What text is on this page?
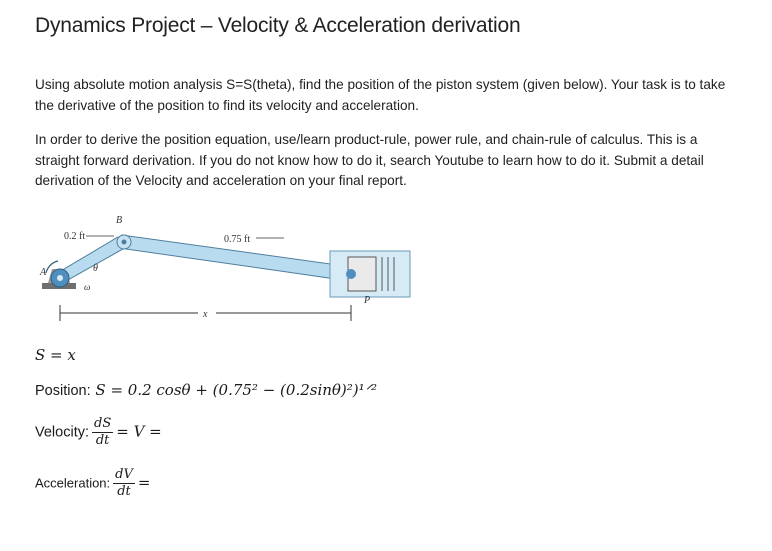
Dynamics Project – Velocity & Acceleration derivation
Using absolute motion analysis S=S(theta), find the position of the piston system (given below). Your task is to take the derivative of the position to find its velocity and acceleration.
In order to derive the position equation, use/learn product-rule, power rule, and chain-rule of calculus. This is a straight forward derivation. If you do not know how to do it, search Youtube to learn how to do it. Submit a detail derivation of the Velocity and acceleration on your final report.
0.2 ft	0.75 ft
B
A	θ
ω
x
P
S = x
Position: S = 0.2 cosθ + (0.75² − (0.2sinθ)²)¹ᐟ²
Velocity: $\frac{dS}{dt} = V$ =
Acceleration: $\frac{dV}{dt}$ =
